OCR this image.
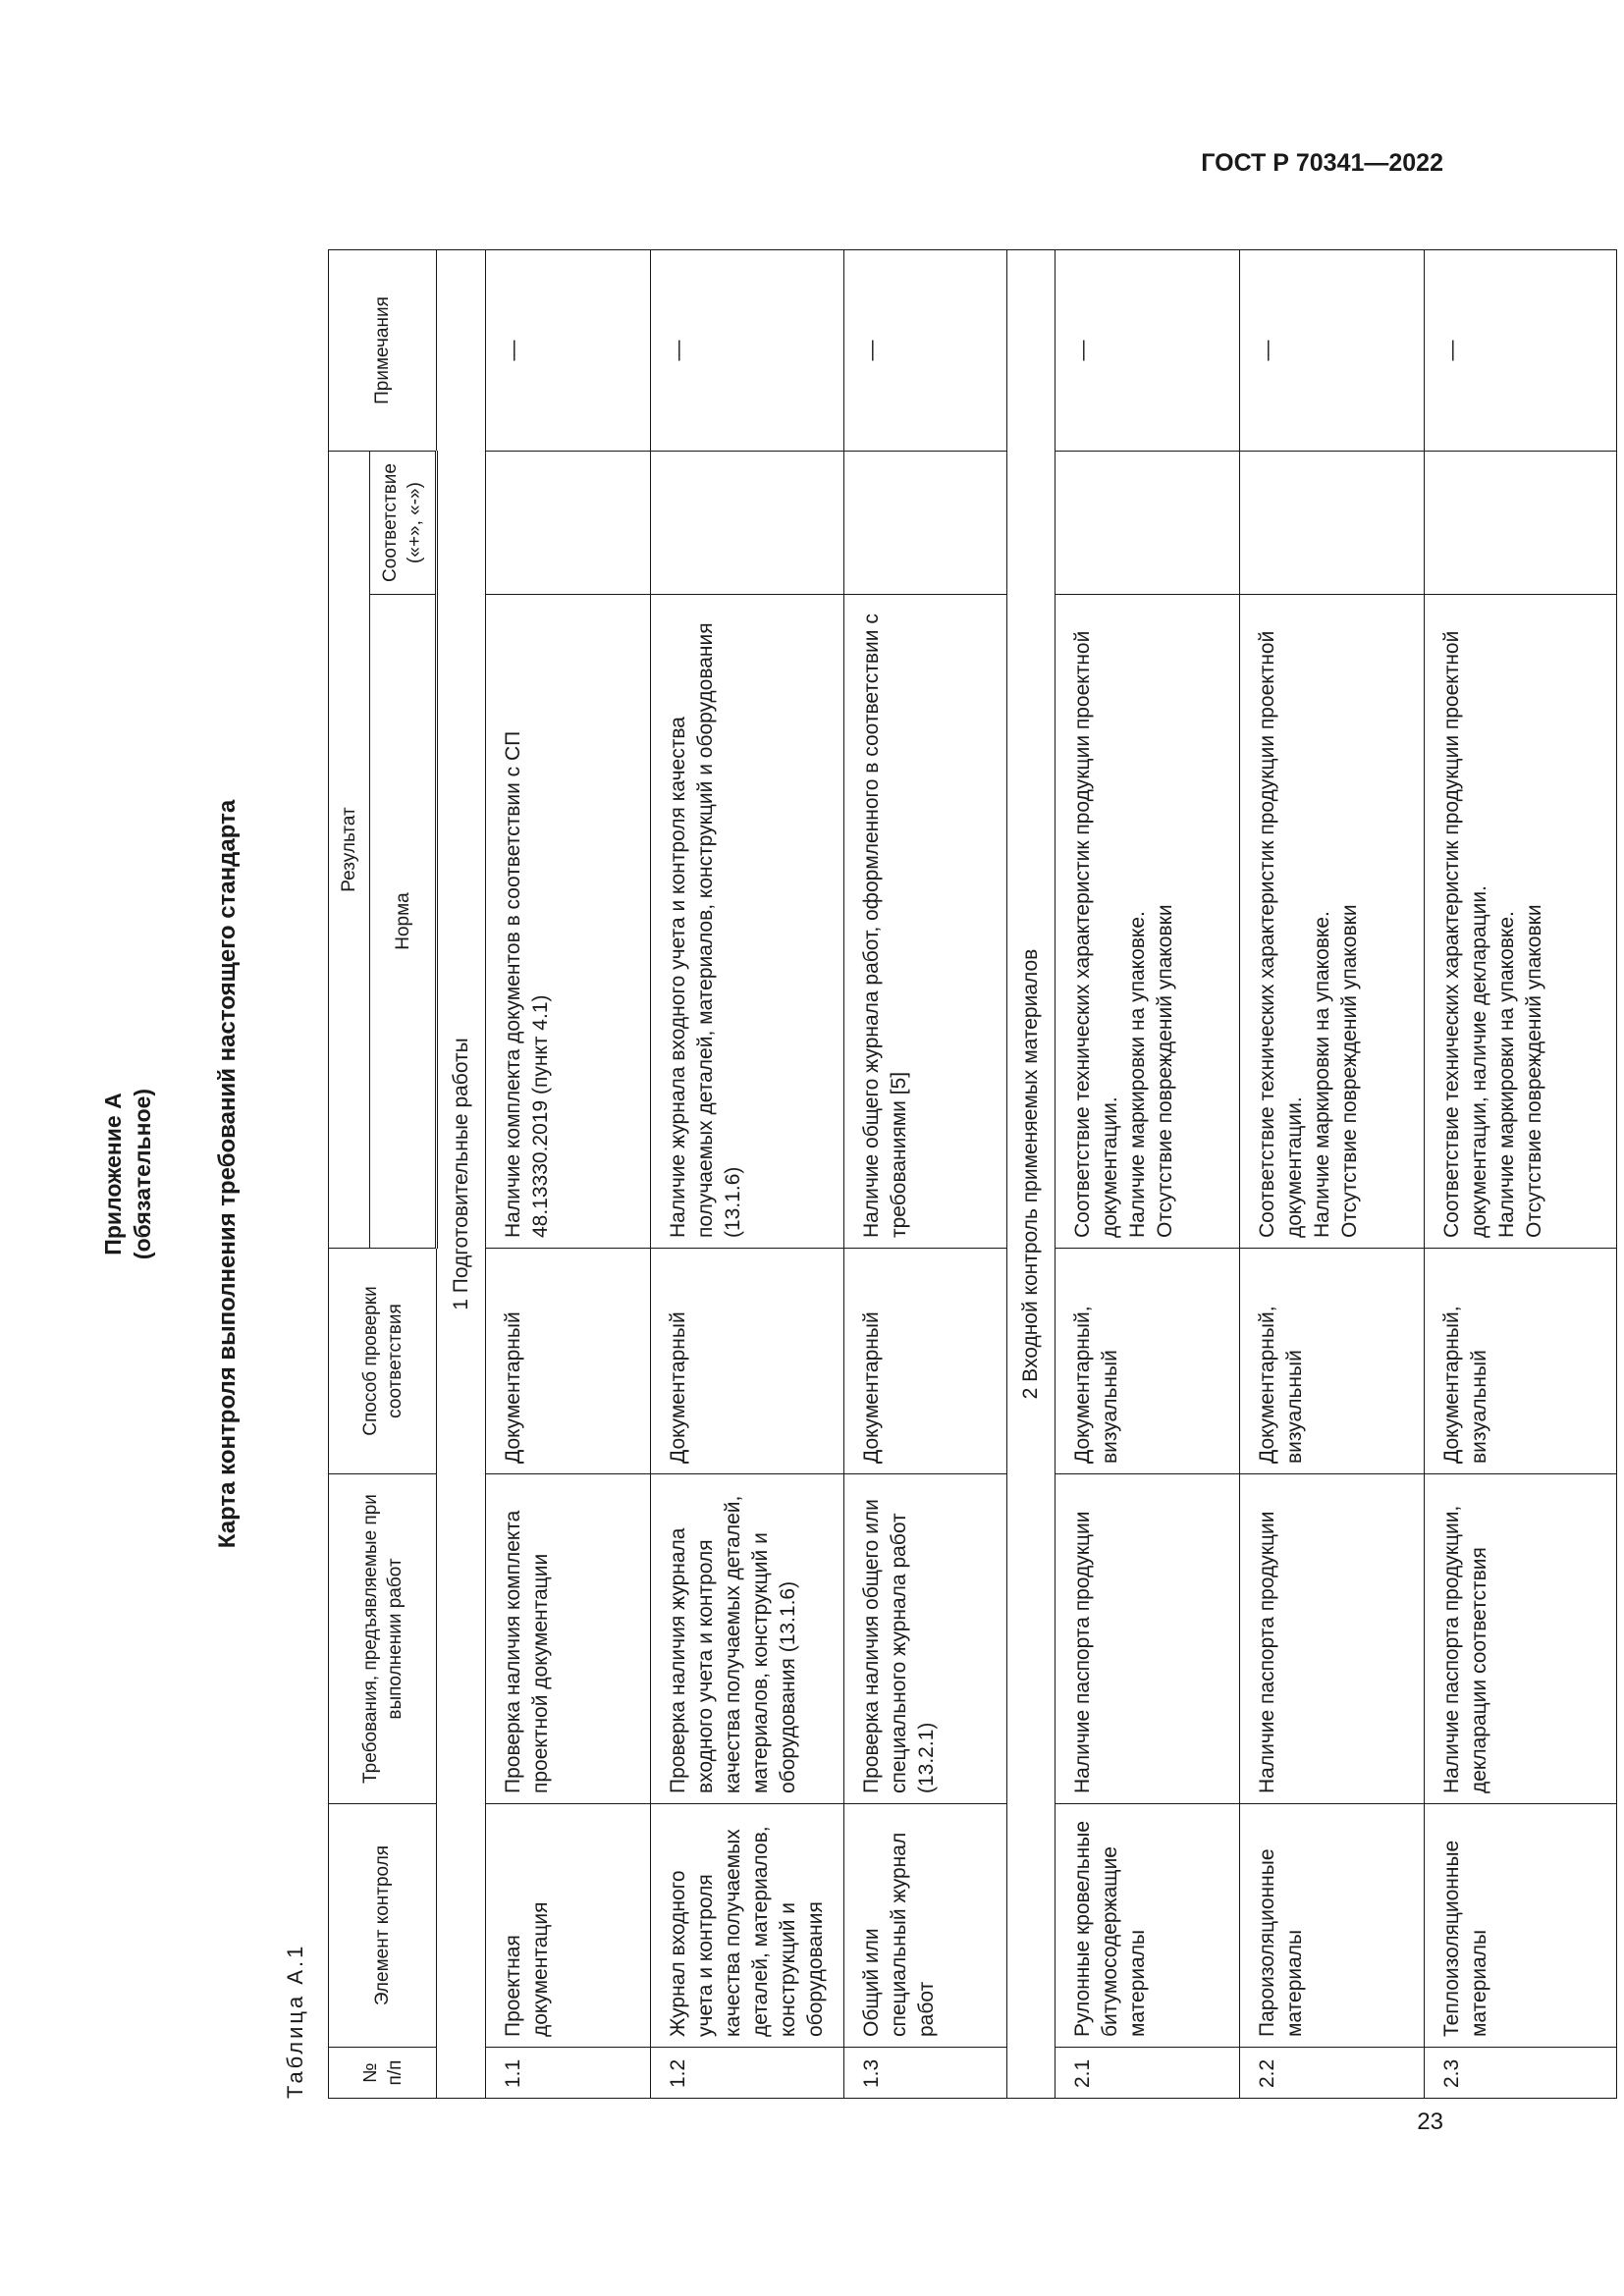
ГОСТ Р 70341—2022
Приложение А (обязательное)	Карта контроля выполнения требований настоящего стандарта
Таблица А.1	№ п/п	Элемент контроля	Требования, предъявляемые при выполнении работ	Способ проверки соответствия	Результат		Примечания
				Норма	Соответствие («+», «-»)	
1 Подготовительные работы						
1.1	Проектная документация	Проверка наличия комплекта проектной документации	Документарный	Наличие комплекта документов в соответствии с СП 48.13330.2019 (пункт 4.1)		—
1.2	Журнал входного учета и контроля качества получаемых деталей, материалов, конструкций и оборудования	Проверка наличия журнала входного учета и контроля качества получаемых деталей, материалов, конструкций и оборудования (13.1.6)	Документарный	Наличие журнала входного учета и контроля качества получаемых деталей, материалов, конструкций и оборудования (13.1.6)		—
1.3	Общий или специальный журнал работ	Проверка наличия общего или специального журнала работ (13.2.1)	Документарный	Наличие общего журнала работ, оформленного в соответствии с требованиями [5]		—
2 Входной контроль применяемых материалов						
2.1	Рулонные кровельные битумосодержащие материалы	Наличие паспорта продукции	Документарный, визуальный	Соответствие технических характеристик продукции проектной документации. Наличие маркировки на упаковке. Отсутствие повреждений упаковки		—
2.2	Пароизоляционные материалы	Наличие паспорта продукции	Документарный, визуальный	Соответствие технических характеристик продукции проектной документации. Наличие маркировки на упаковке. Отсутствие повреждений упаковки		—
2.3	Теплоизоляционные материалы	Наличие паспорта продукции, декларации соответствия	Документарный, визуальный	Соответствие технических характеристик продукции проектной документации, наличие декларации. Наличие маркировки на упаковке. Отсутствие повреждений упаковки		—
23
